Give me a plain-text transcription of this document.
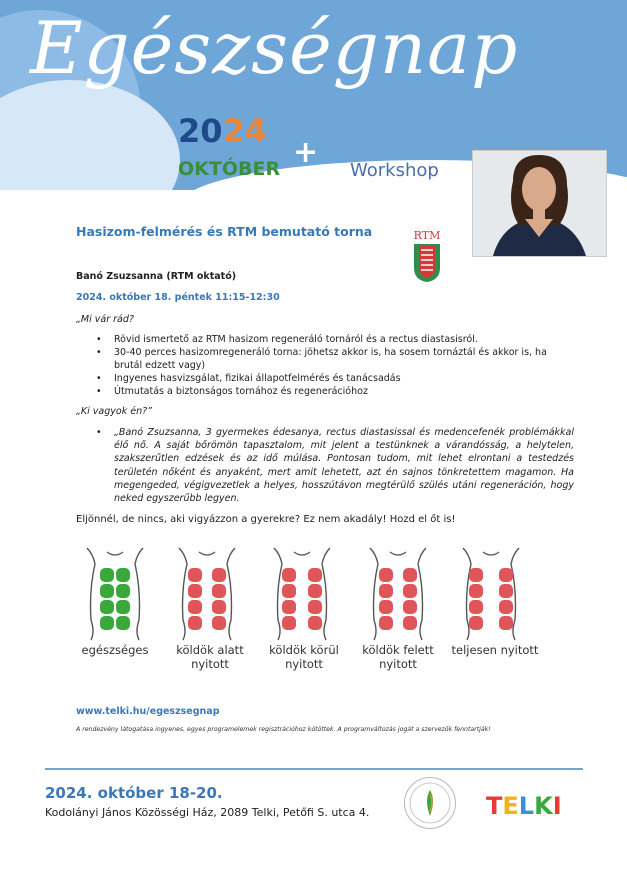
Egészségnap
2024
+
OKTÓBER	Workshop
Hasizom-felmérés és RTM bemutató torna	RTM
Banó Zsuzsanna (RTM oktató)
2024. október 18. péntek 11:15-12:30
„Mi vár rád?
• Rövid ismertető az RTM hasizom regeneráló tornáról és a rectus diastasisról.
• 30-40 perces hasizomregeneráló torna: jöhetsz akkor is, ha sosem tornáztál és akkor is, ha brutál edzett vagy)
• Ingyenes hasvizsgálat, fizikai állapotfelmérés és tanácsadás
• Útmutatás a biztonságos tornához és regenerációhoz
„Ki vagyok én?”
• „Banó Zsuzsanna, 3 gyermekes édesanya, rectus diastasissal és medencefenék problémákkal élő nő. A saját bőrömön tapasztalom, mit jelent a testünknek a várandósság, a helytelen, szakszerűtlen edzések és az idő múlása. Pontosan tudom, mit lehet elrontani a testedzés területén nőként és anyaként, mert amit lehetett, azt én sajnos tönkretettem magamon. Ha megengeded, végigvezetlek a helyes, hosszútávon megtérülő szülés utáni regeneráción, hogy neked egyszerűbb legyen.
Eljönnél, de nincs, aki vigyázzon a gyerekre? Ez nem akadály! Hozd el őt is!
egészséges	köldök alatt nyitott
köldök körül nyitott
köldök felett nyitott
teljesen nyitott
www.telki.hu/egeszsegnap
A rendezvény látogatása ingyenes, egyes programelemek regisztrációhoz kötöttek. A programváltozás jogát a szervezők fenntartják!
2024. október 18-20.
Kodolányi János Közösségi Ház, 2089 Telki, Petőfi S. utca 4.	TELKI
